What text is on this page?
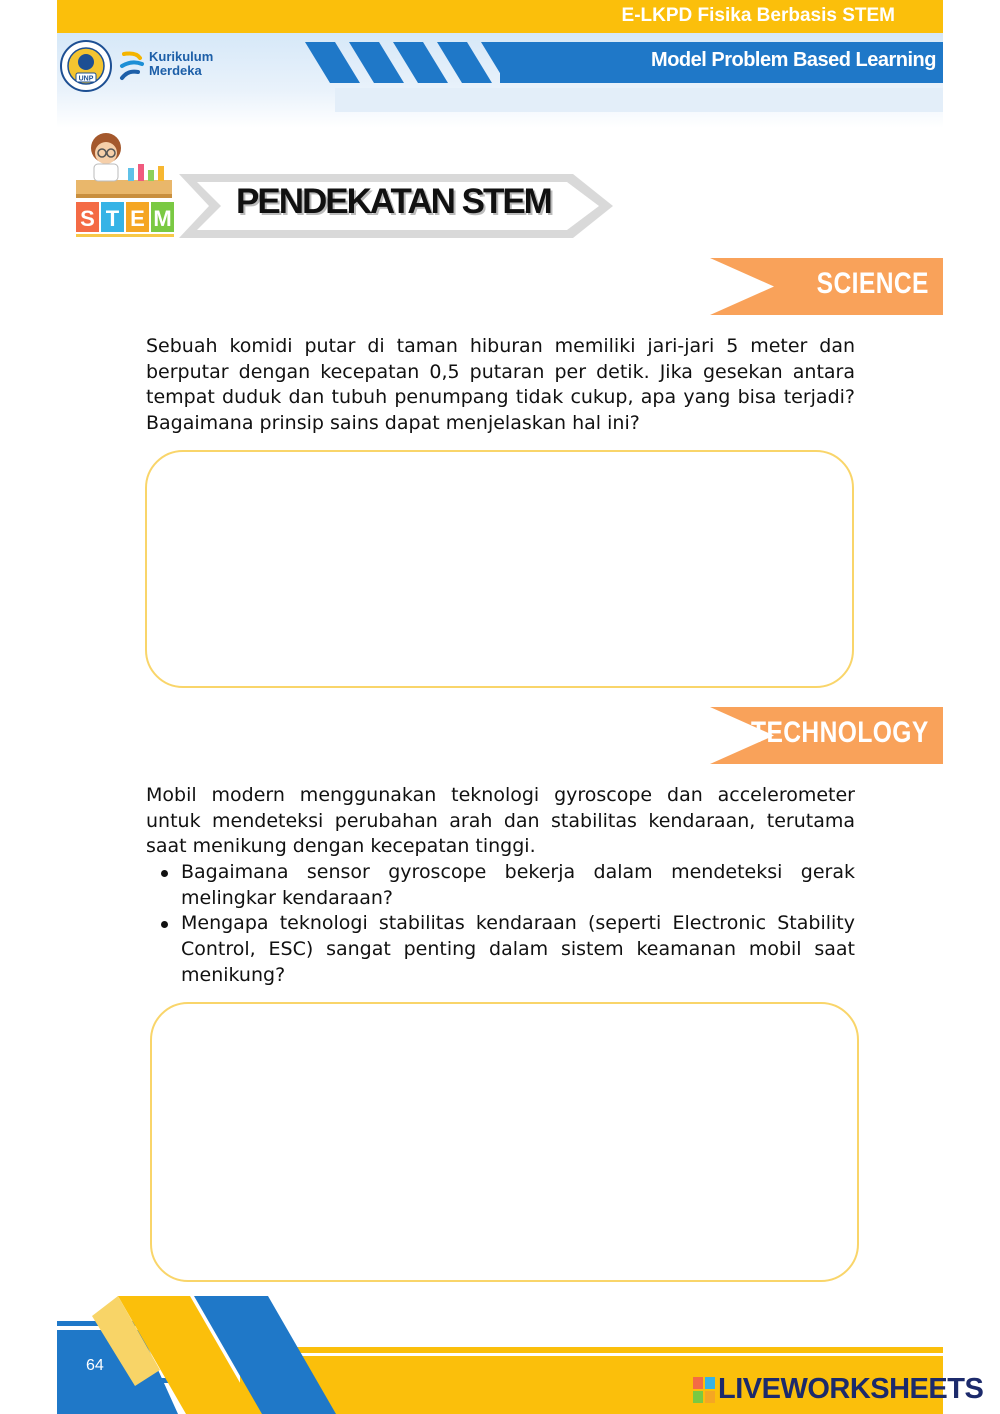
E-LKPD Fisika Berbasis STEM
Model Problem Based Learning
UNP
Kurikulum
Merdeka
S T E M PENDEKATAN STEM
SCIENCE

Sebuah komidi putar di taman hiburan memiliki jari-jari 5 meter dan berputar dengan kecepatan 0,5 putaran per detik. Jika gesekan antara tempat duduk dan tubuh penumpang tidak cukup, apa yang bisa terjadi? Bagaimana prinsip sains dapat menjelaskan hal ini?

TECHNOLOGY

Mobil modern menggunakan teknologi gyroscope dan accelerometer untuk mendeteksi perubahan arah dan stabilitas kendaraan, terutama saat menikung dengan kecepatan tinggi.

Bagaimana sensor gyroscope bekerja dalam mendeteksi gerak melingkar kendaraan?
Mengapa teknologi stabilitas kendaraan (seperti Electronic Stability Control, ESC) sangat penting dalam sistem keamanan mobil saat menikung?
64
LIVEWORKSHEETS
